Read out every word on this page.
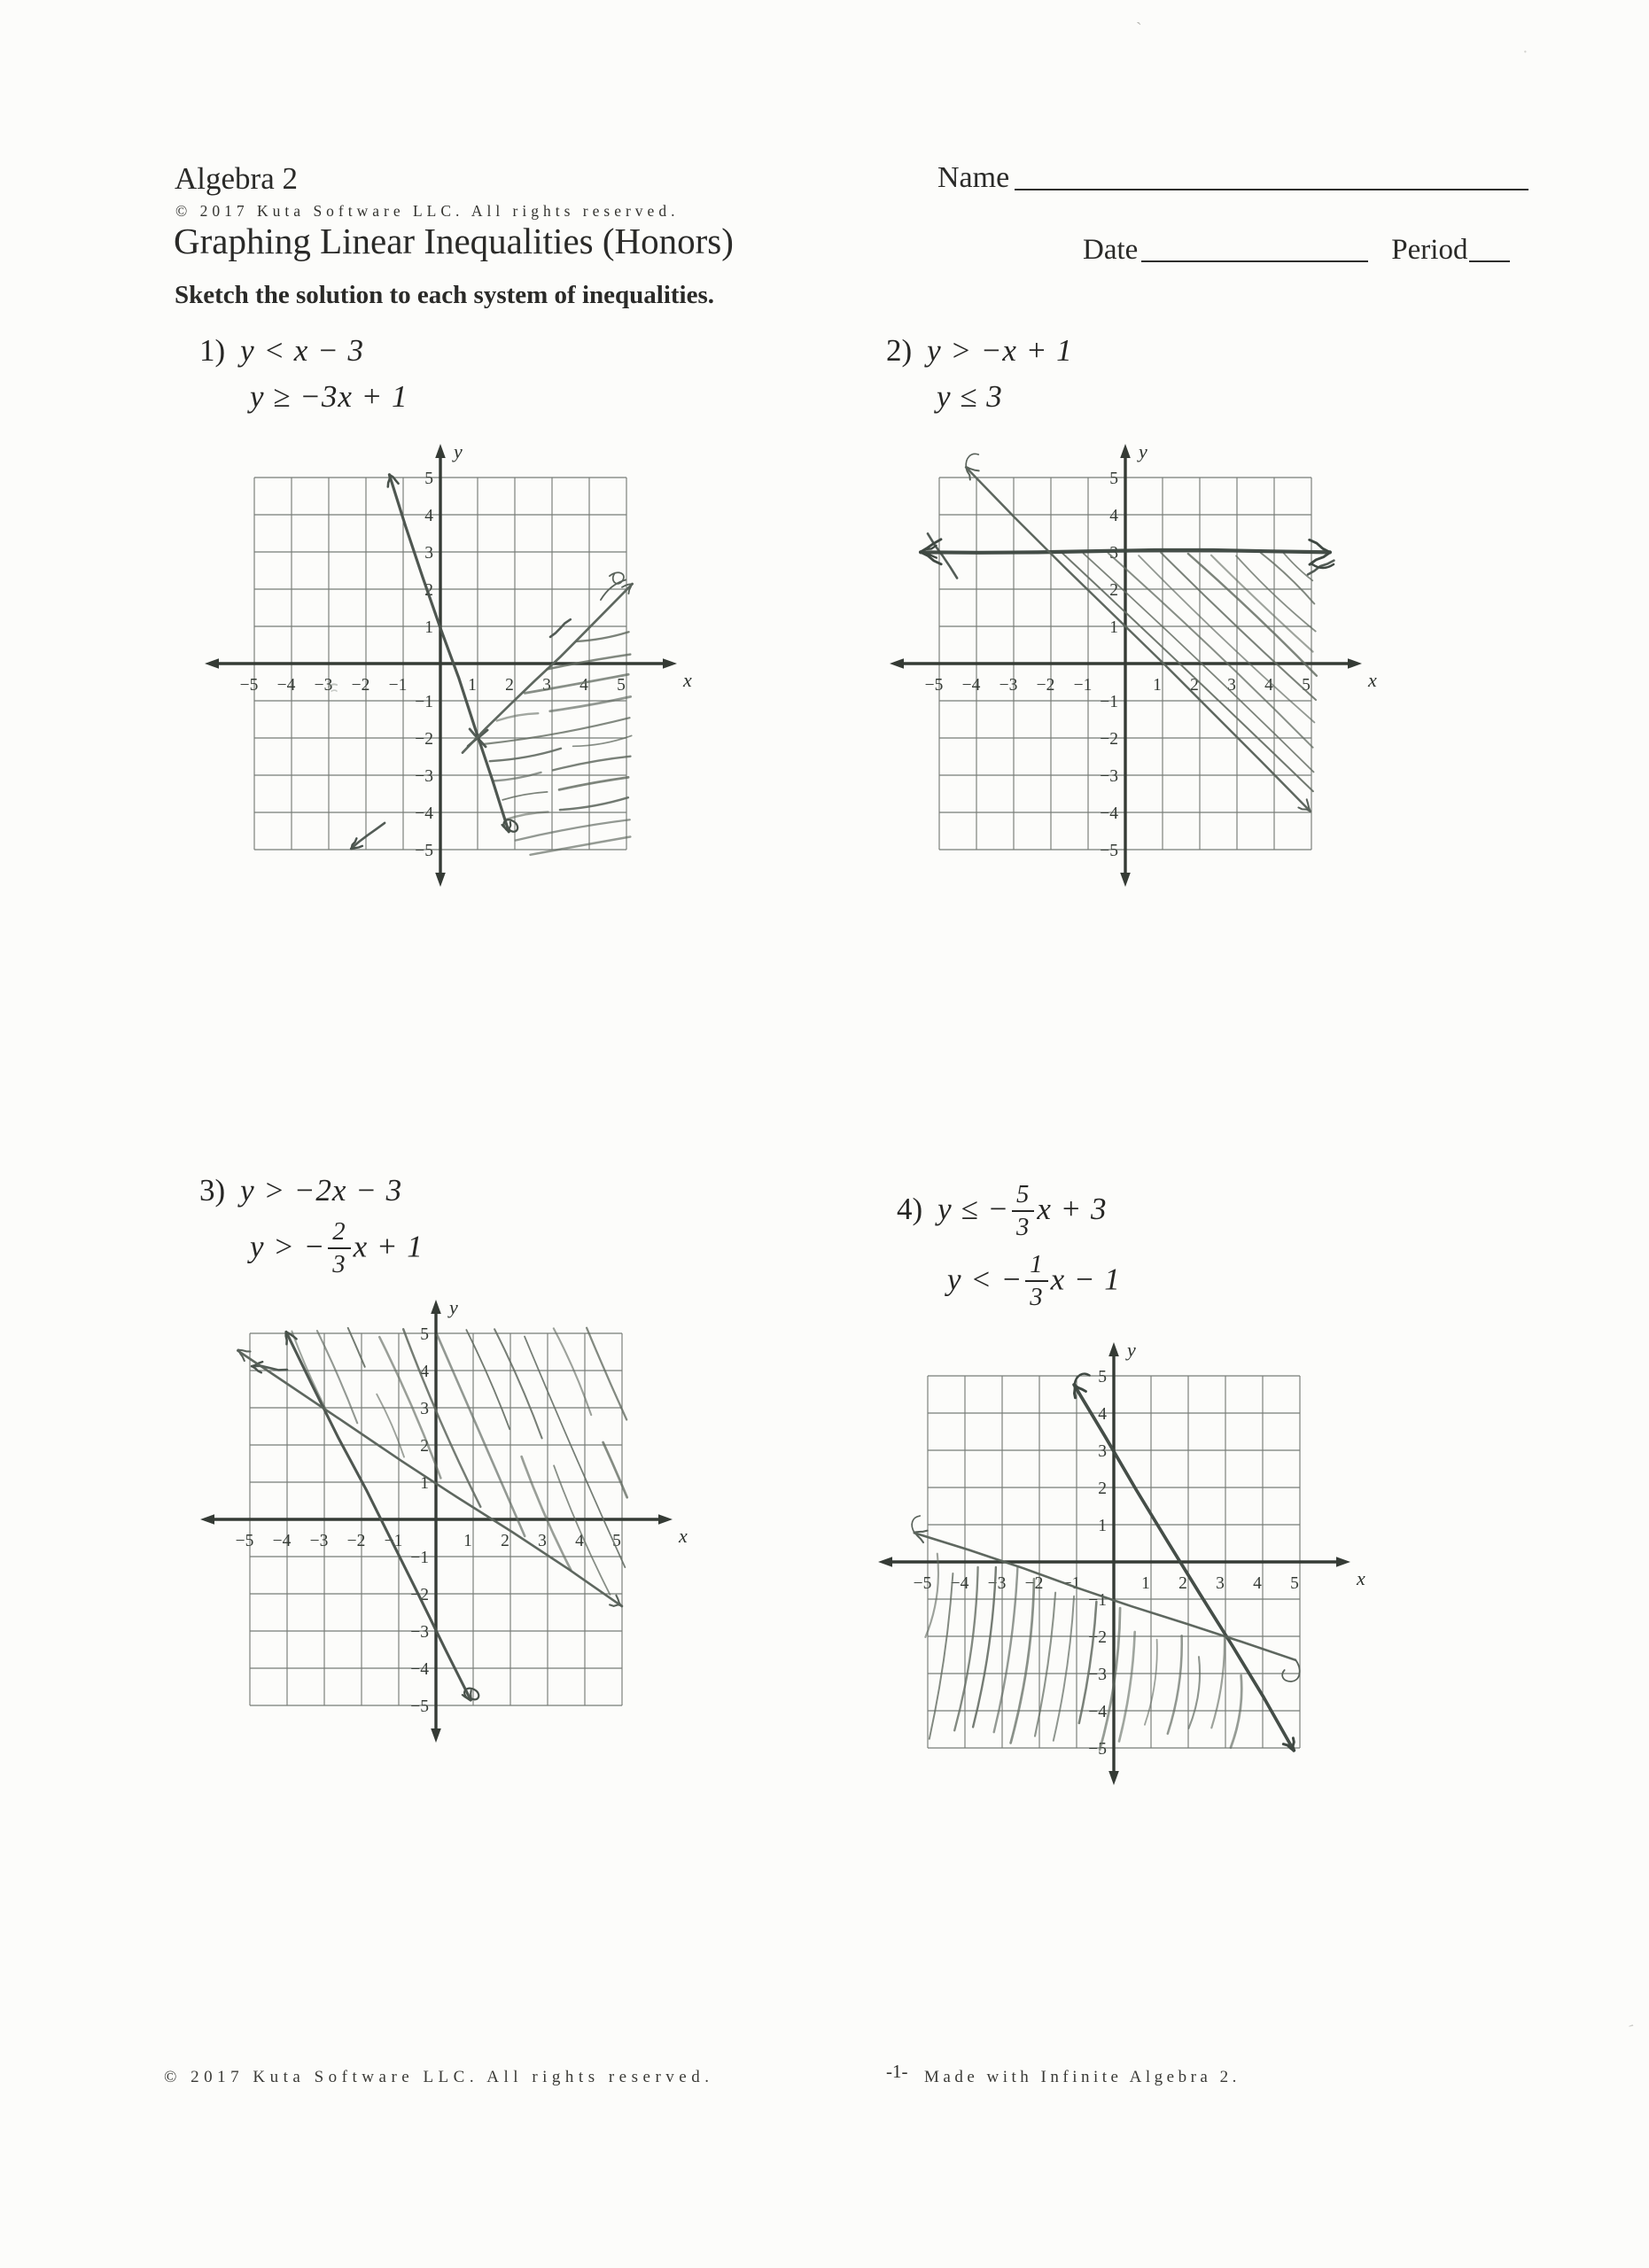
Algebra 2
© 2017 Kuta Software LLC. All rights reserved.
Graphing Linear Inequalities (Honors)
Name
Date	Period
Sketch the solution to each system of inequalities.
1) y < x − 3
y ≥ −3x + 1
2) y > −x + 1
y ≤ 3
3) y > −2x − 3
y > − $\frac{2}{3}$ x + 1
4) y ≤ − $\frac{5}{3}$ x + 3
y < − $\frac{1}{3}$ x − 1
x
y
−5 −4 −3 −2 −1	1 2 3 4 5
5
4
3
2
1
−1
−2
−3
−4
−5
x
y
−5 −4 −3 −2 −1	1 2 3 4 5
5
4
3
2
1
−1
−2
−3
−4
−5
x
y
−5 −4 −3 −2 −1	1 2 3 4 5
5
4
3
2
1
−1
−2
−3
−4
−5
x
y
−5 −4 −3 −2 −1	1 2 3 4 5
5
4
3
2
1
−1
−2
−3
−4
−5
© 2017 Kuta Software LLC. All rights reserved.	-1- Made with Infinite Algebra 2.
`
·
′
